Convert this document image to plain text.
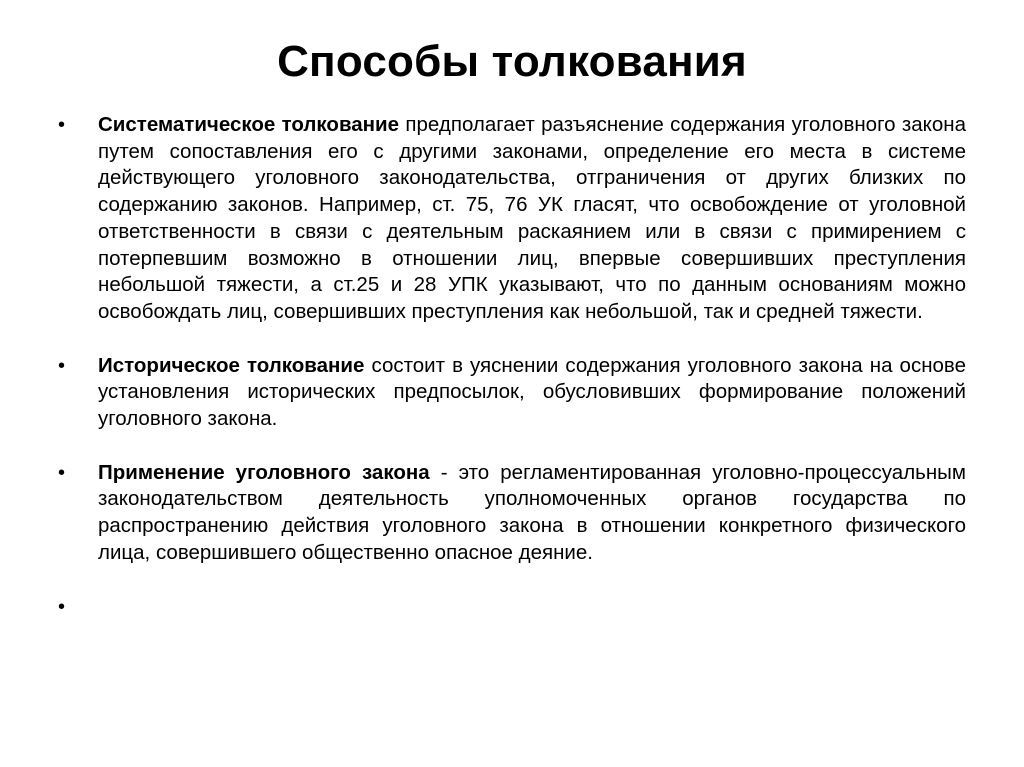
Способы толкования
•	Систематическое толкование предполагает разъяснение содержания уголовного закона путем сопоставления его с другими законами, определение его места в системе действующего уголовного законодательства, отграничения от других близких по содержанию законов. Например, ст. 75, 76 УК гласят, что освобождение от уголовной ответственности в связи с деятельным раскаянием или в связи с примирением с потерпевшим возможно в отношении лиц, впервые совершивших преступления небольшой тяжести, а ст.25 и 28 УПК указывают, что по данным основаниям можно освобождать лиц, совершивших преступления как небольшой, так и средней тяжести.
•	Историческое толкование состоит в уяснении содержания уголовного закона на основе установления исторических предпосылок, обусловивших формирование положений уголовного закона.
•	Применение уголовного закона - это регламентированная уголовно-процессуальным законодательством деятельность уполномоченных органов государства по распространению действия уголовного закона в отношении конкретного физического лица, совершившего общественно опасное деяние.
•
